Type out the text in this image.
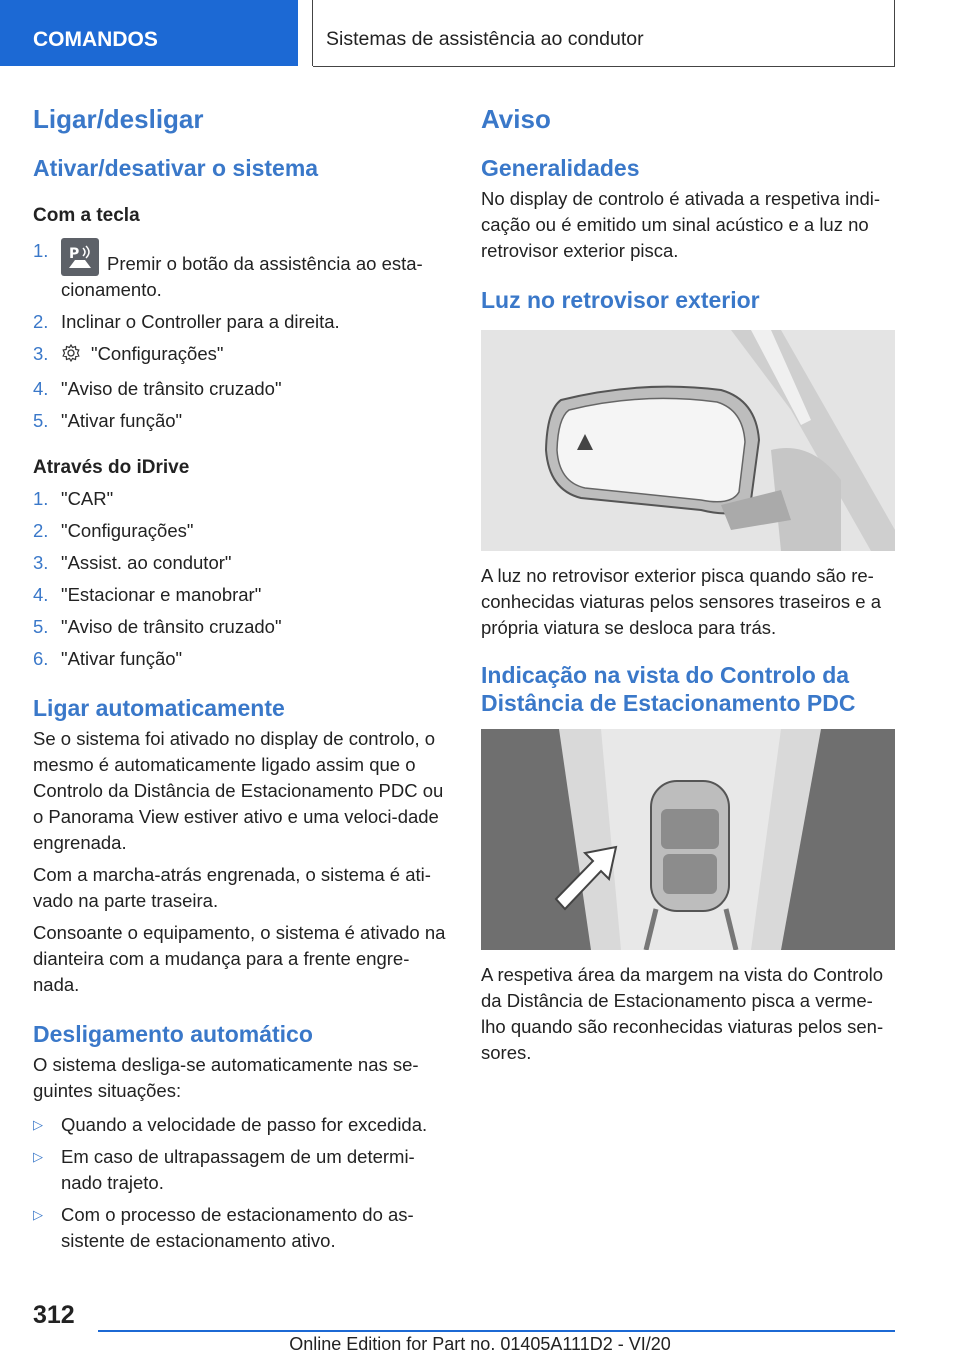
COMANDOS	Sistemas de assistência ao condutor
Ligar/desligar
Ativar/desativar o sistema
Com a tecla
1. P Premir o botão da assistência ao esta-cionamento.
2. Inclinar o Controller para a direita.
3. "Configurações"
4. "Aviso de trânsito cruzado"
5. "Ativar função"
Através do iDrive
1. "CAR"
2. "Configurações"
3. "Assist. ao condutor"
4. "Estacionar e manobrar"
5. "Aviso de trânsito cruzado"
6. "Ativar função"
Ligar automaticamente

Se o sistema foi ativado no display de controlo, o mesmo é automaticamente ligado assim que o Controlo da Distância de Estacionamento PDC ou o Panorama View estiver ativo e uma veloci-dade engrenada.

Com a marcha-atrás engrenada, o sistema é ati-vado na parte traseira.

Consoante o equipamento, o sistema é ativado na dianteira com a mudança para a frente engre-nada.

Desligamento automático

O sistema desliga-se automaticamente nas se-guintes situações:

▷ Quando a velocidade de passo for excedida.
▷ Em caso de ultrapassagem de um determi-nado trajeto.
▷ Com o processo de estacionamento do as-sistente de estacionamento ativo.
Aviso
Generalidades

No display de controlo é ativada a respetiva indi-cação ou é emitido um sinal acústico e a luz no retrovisor exterior pisca.

Luz no retrovisor exterior

A luz no retrovisor exterior pisca quando são re-conhecidas viaturas pelos sensores traseiros e a própria viatura se desloca para trás.

Indicação na vista do Controlo da Distância de Estacionamento PDC

A respetiva área da margem na vista do Controlo da Distância de Estacionamento pisca a verme-lho quando são reconhecidas viaturas pelos sen-sores.

312
Online Edition for Part no. 01405A111D2 - VI/20
